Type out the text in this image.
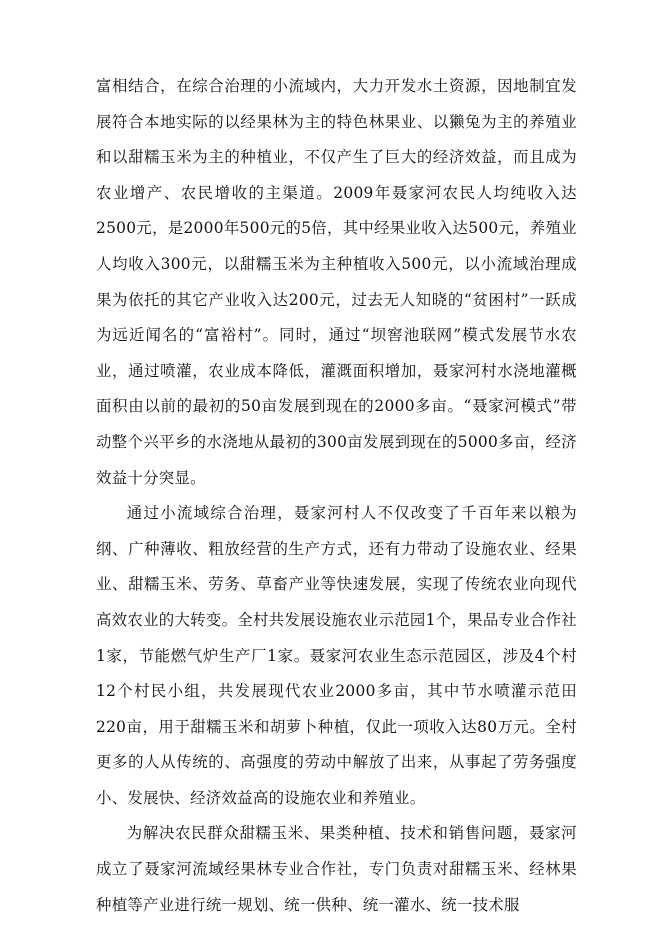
富相结合，在综合治理的小流域内，大力开发水土资源，因地制宜发展符合本地实际的以经果林为主的特色林果业、以獭兔为主的养殖业和以甜糯玉米为主的种植业，不仅产生了巨大的经济效益，而且成为农业增产、农民增收的主渠道。2009年聂家河农民人均纯收入达2500元，是2000年500元的5倍，其中经果业收入达500元，养殖业人均收入300元，以甜糯玉米为主种植收入500元，以小流域治理成果为依托的其它产业收入达200元，过去无人知晓的“贫困村”一跃成为远近闻名的“富裕村”。同时，通过“坝窖池联网”模式发展节水农业，通过喷灌，农业成本降低，灌溉面积增加，聂家河村水浇地灌概面积由以前的最初的50亩发展到现在的2000多亩。“聂家河模式”带动整个兴平乡的水浇地从最初的300亩发展到现在的5000多亩，经济效益十分突显。

通过小流域综合治理，聂家河村人不仅改变了千百年来以粮为纲、广种薄收、粗放经营的生产方式，还有力带动了设施农业、经果业、甜糯玉米、劳务、草畜产业等快速发展，实现了传统农业向现代高效农业的大转变。全村共发展设施农业示范园1个，果品专业合作社1家，节能燃气炉生产厂1家。聂家河农业生态示范园区，涉及4个村12个村民小组，共发展现代农业2000多亩，其中节水喷灌示范田220亩，用于甜糯玉米和胡萝卜种植，仅此一项收入达80万元。全村更多的人从传统的、高强度的劳动中解放了出来，从事起了劳务强度小、发展快、经济效益高的设施农业和养殖业。

为解决农民群众甜糯玉米、果类种植、技术和销售问题，聂家河成立了聂家河流域经果林专业合作社，专门负责对甜糯玉米、经林果种植等产业进行统一规划、统一供种、统一灌水、统一技术服
